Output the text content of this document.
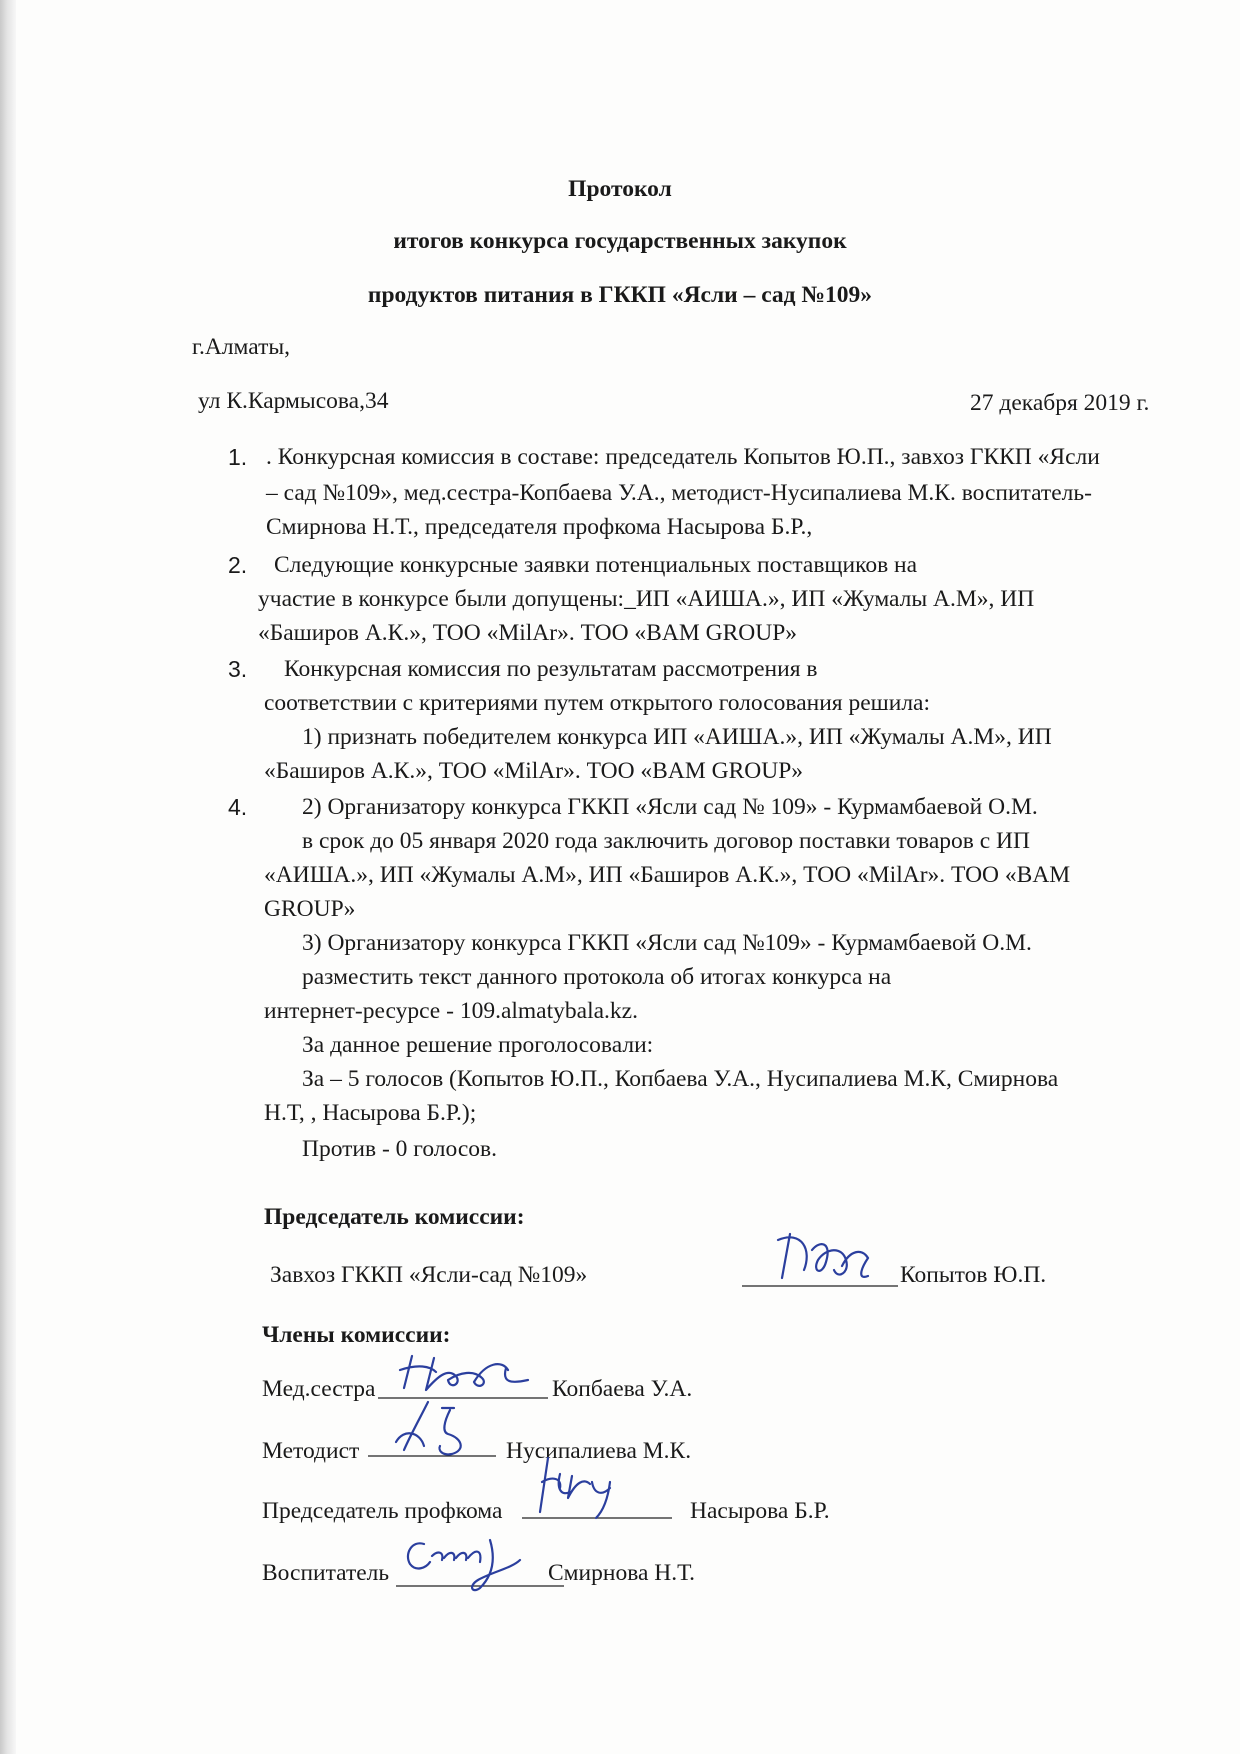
Протокол
итогов конкурса государственных закупок
продуктов питания в ГККП «Ясли – сад №109»
г.Алматы,
ул К.Кармысова,34	27 декабря 2019 г.
1. . Конкурсная комиссия в составе: председатель Копытов Ю.П., завхоз ГККП «Ясли
– сад №109», мед.сестра-Копбаева У.А., методист-Нусипалиева М.К. воспитатель-
Смирнова Н.Т., председателя профкома Насырова Б.Р.,
2. Следующие конкурсные заявки потенциальных поставщиков на
участие в конкурсе были допущены:_ИП «АИША.», ИП «Жумалы А.М», ИП
«Баширов А.К.», ТОО «MilAr». ТОО «BAM GROUP»
3. Конкурсная комиссия по результатам рассмотрения в
соответствии с критериями путем открытого голосования решила:
1) признать победителем конкурса ИП «АИША.», ИП «Жумалы А.М», ИП
«Баширов А.К.», ТОО «MilAr». ТОО «BAM GROUP»
4. 2) Организатору конкурса ГККП «Ясли сад № 109» - Курмамбаевой О.М.
в срок до 05 января 2020 года заключить договор поставки товаров с ИП
«АИША.», ИП «Жумалы А.М», ИП «Баширов А.К.», ТОО «MilAr». ТОО «BAM
GROUP»
3) Организатору конкурса ГККП «Ясли сад №109» - Курмамбаевой О.М.
разместить текст данного протокола об итогах конкурса на
интернет-ресурсе - 109.almatybala.kz.
За данное решение проголосовали:
За – 5 голосов (Копытов Ю.П., Копбаева У.А., Нусипалиева М.К, Смирнова
Н.Т, , Насырова Б.Р.);
Против - 0 голосов.
Председатель комиссии:
Завхоз ГККП «Ясли-сад №109»	Копытов Ю.П.
Члены комиссии:
Мед.сестра	Копбаева У.А.
Методист	Нусипалиева М.К.
Председатель профкома	Насырова Б.Р.
Воспитатель	Смирнова Н.Т.
